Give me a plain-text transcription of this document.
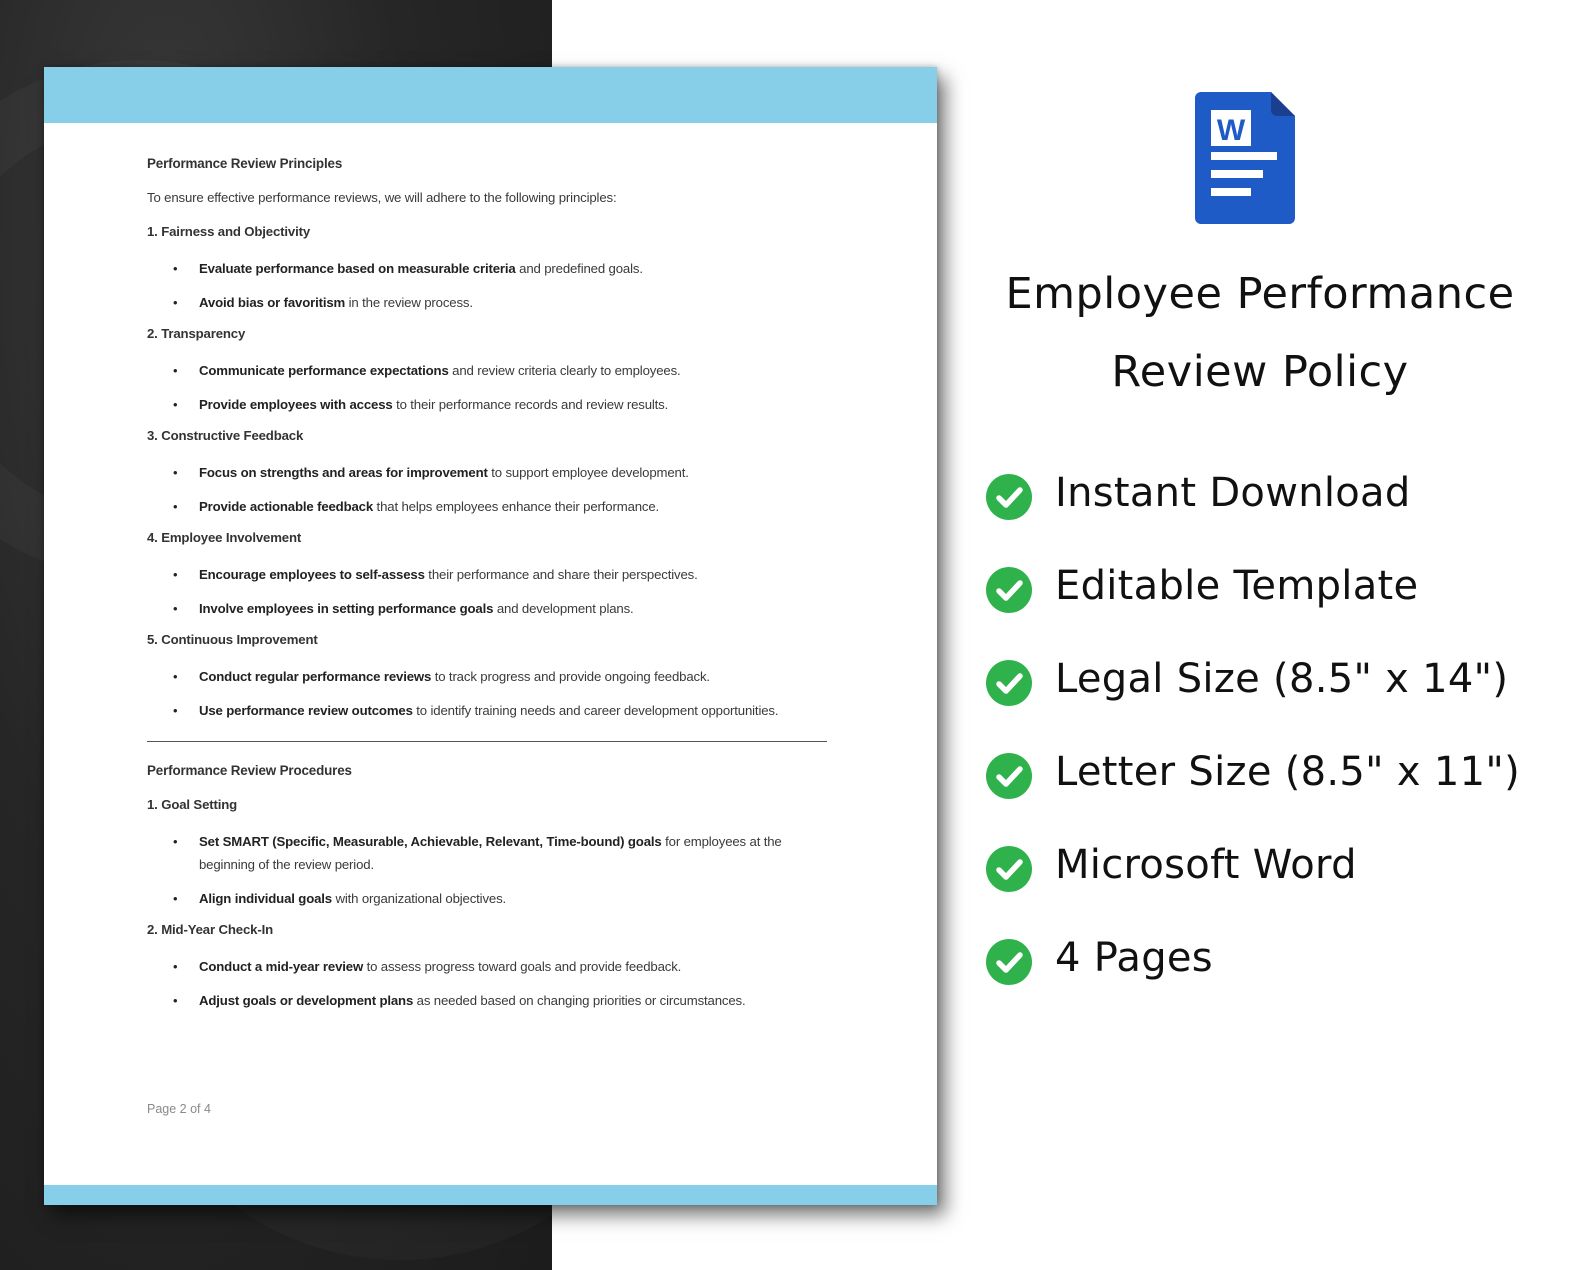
Performance Review Principles

To ensure effective performance reviews, we will adhere to the following principles:

1. Fairness and Objectivity
• Evaluate performance based on measurable criteria and predefined goals.
• Avoid bias or favoritism in the review process.
2. Transparency
• Communicate performance expectations and review criteria clearly to employees.
• Provide employees with access to their performance records and review results.
3. Constructive Feedback
• Focus on strengths and areas for improvement to support employee development.
• Provide actionable feedback that helps employees enhance their performance.
4. Employee Involvement
• Encourage employees to self-assess their performance and share their perspectives.
• Involve employees in setting performance goals and development plans.
5. Continuous Improvement
• Conduct regular performance reviews to track progress and provide ongoing feedback.
• Use performance review outcomes to identify training needs and career development opportunities.
Performance Review Procedures
1. Goal Setting
• Set SMART (Specific, Measurable, Achievable, Relevant, Time-bound) goals for employees at the beginning of the review period.
• Align individual goals with organizational objectives.
2. Mid-Year Check-In
• Conduct a mid-year review to assess progress toward goals and provide feedback.
• Adjust goals or development plans as needed based on changing priorities or circumstances.
Page 2 of 4
W
Employee Performance
Review Policy
Instant Download
Editable Template
Legal Size (8.5" x 14")
Letter Size (8.5" x 11")
Microsoft Word
4 Pages
